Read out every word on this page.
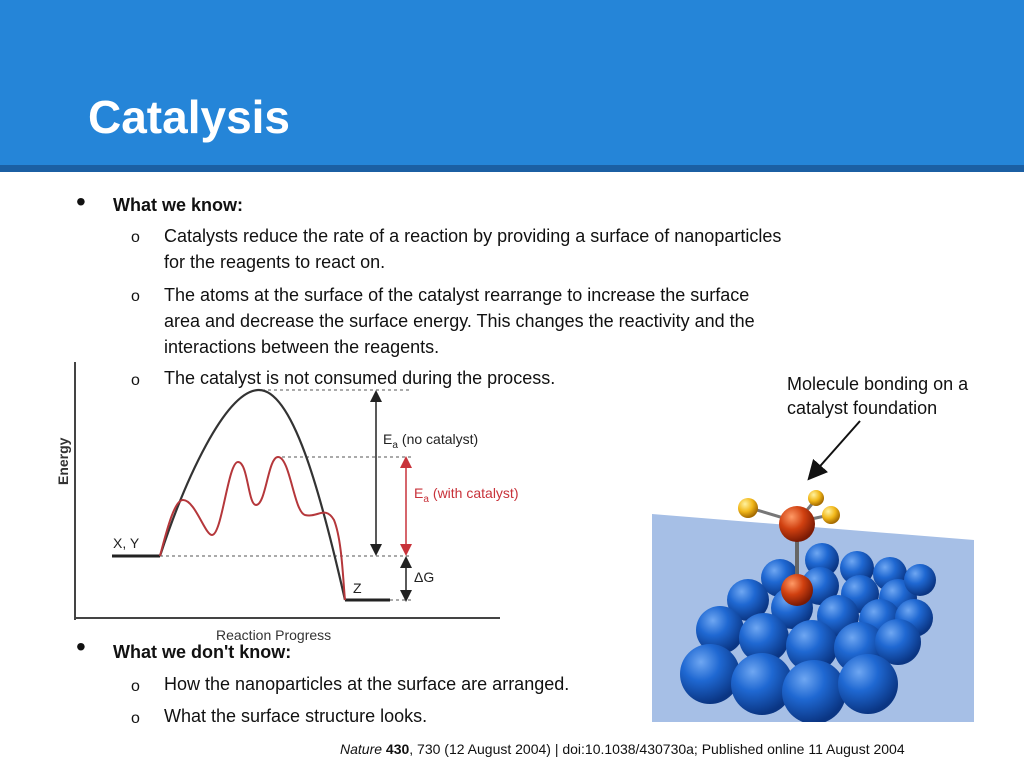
Catalysis
• What we know:
o Catalysts reduce the rate of a reaction by providing a surface of nanoparticles for the reagents to react on.
o The atoms at the surface of the catalyst rearrange to increase the surface area and decrease the surface energy. This changes the reactivity and the interactions between the reagents.
Energy
Reaction Progress
X, Y
Z
$E_a$ (no catalyst)
$E_a$ (with catalyst)
ΔG
o The catalyst is not consumed during the process.	Molecule bonding on a catalyst foundation
• What we don't know:
o How the nanoparticles at the surface are arranged.
o What the surface structure looks.
Nature 430, 730 (12 August 2004) | doi:10.1038/430730a; Published online 11 August 2004
